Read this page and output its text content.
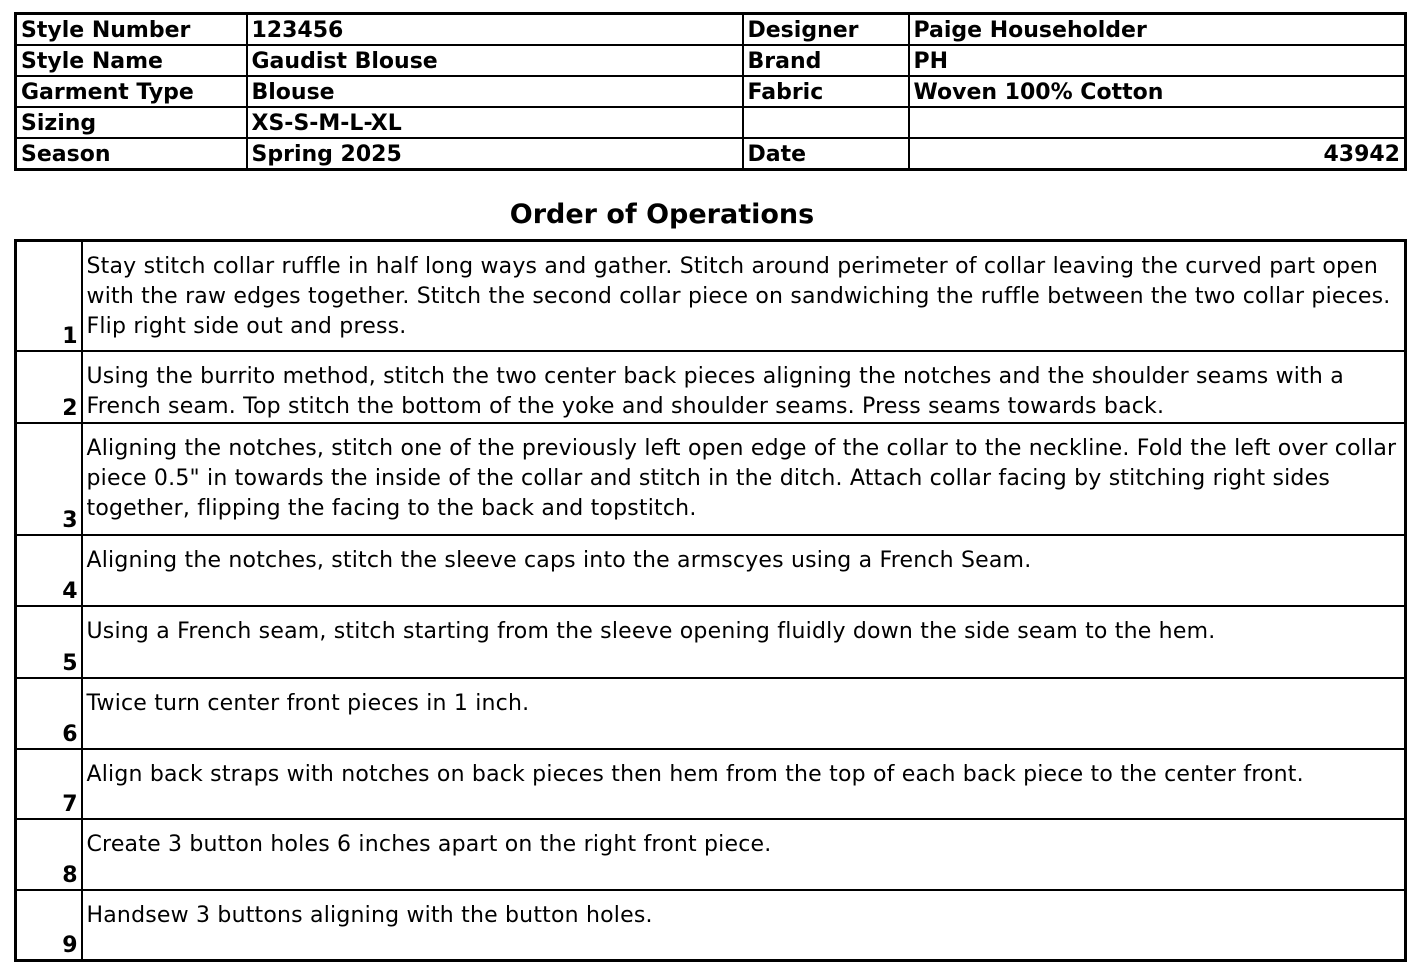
Style Number	123456	Designer	Paige Householder
Style Name	Gaudist Blouse	Brand	PH
Garment Type	Blouse	Fabric	Woven 100% Cotton
Sizing	XS-S-M-L-XL		
Season	Spring 2025	Date	43942
Order of Operations
1	Stay stitch collar ruffle in half long ways and gather. Stitch around perimeter of collar leaving the curved part open with the raw edges together. Stitch the second collar piece on sandwiching the ruffle between the two collar pieces. Flip right side out and press.
2	Using the burrito method, stitch the two center back pieces aligning the notches and the shoulder seams with a French seam. Top stitch the bottom of the yoke and shoulder seams. Press seams towards back.
3	Aligning the notches, stitch one of the previously left open edge of the collar to the neckline. Fold the left over collar piece 0.5" in towards the inside of the collar and stitch in the ditch. Attach collar facing by stitching right sides together, flipping the facing to the back and topstitch.
4	Aligning the notches, stitch the sleeve caps into the armscyes using a French Seam.
5	Using a French seam, stitch starting from the sleeve opening fluidly down the side seam to the hem.
6	Twice turn center front pieces in 1 inch.
7	Align back straps with notches on back pieces then hem from the top of each back piece to the center front.
8	Create 3 button holes 6 inches apart on the right front piece.
9	Handsew 3 buttons aligning with the button holes.
